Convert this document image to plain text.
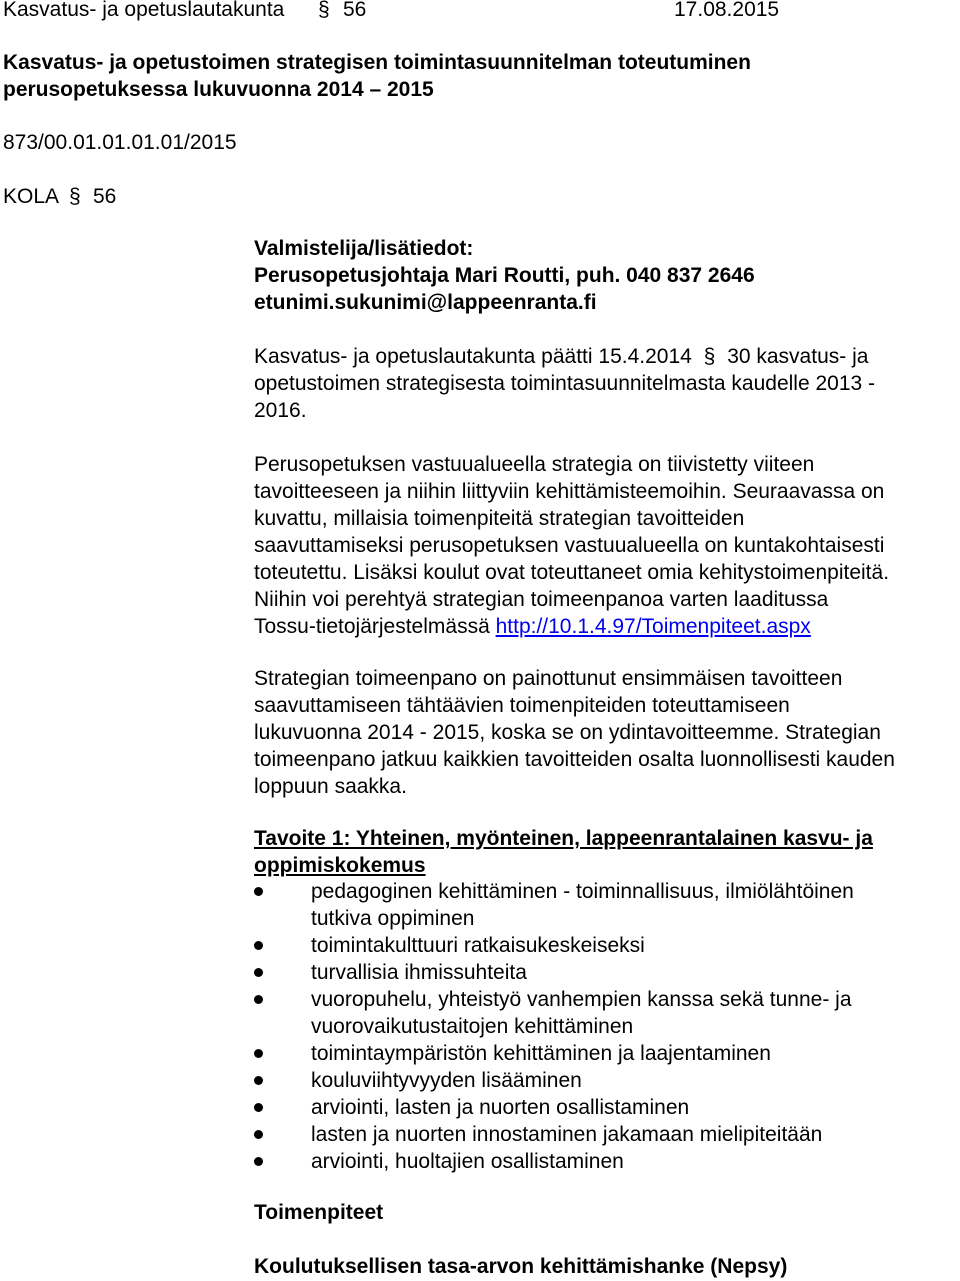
Kasvatus- ja opetuslautakunta § 56	17.08.2015
Kasvatus- ja opetustoimen strategisen toimintasuunnitelman toteutuminen
perusopetuksessa lukuvuonna 2014 – 2015
873/00.01.01.01.01/2015
KOLA § 56
Valmistelija/lisätiedot:
Perusopetusjohtaja Mari Routti, puh. 040 837 2646
etunimi.sukunimi@lappeenranta.fi
Kasvatus- ja opetuslautakunta päätti 15.4.2014 § 30 kasvatus- ja
opetustoimen strategisesta toimintasuunnitelmasta kaudelle 2013 -
2016.

Perusopetuksen vastuualueella strategia on tiivistetty viiteen

tavoitteeseen ja niihin liittyviin kehittämisteemoihin. Seuraavassa on

kuvattu, millaisia toimenpiteitä strategian tavoitteiden

saavuttamiseksi perusopetuksen vastuualueella on kuntakohtaisesti

toteutettu. Lisäksi koulut ovat toteuttaneet omia kehitystoimenpiteitä.

Niihin voi perehtyä strategian toimeenpanoa varten laaditussa

Tossu-tietojärjestelmässä http://10.1.4.97/Toimenpiteet.aspx

Strategian toimeenpano on painottunut ensimmäisen tavoitteen

saavuttamiseen tähtäävien toimenpiteiden toteuttamiseen

lukuvuonna 2014 - 2015, koska se on ydintavoitteemme. Strategian

toimeenpano jatkuu kaikkien tavoitteiden osalta luonnollisesti kauden

loppuun saakka.

Tavoite 1: Yhteinen, myönteinen, lappeenrantalainen kasvu- ja
oppimiskokemus
pedagoginen kehittäminen - toiminnallisuus, ilmiölähtöinen
tutkiva oppiminen
toimintakulttuuri ratkaisukeskeiseksi
turvallisia ihmissuhteita
vuoropuhelu, yhteistyö vanhempien kanssa sekä tunne- ja
vuorovaikutustaitojen kehittäminen
toimintaympäristön kehittäminen ja laajentaminen
kouluviihtyvyyden lisääminen
arviointi, lasten ja nuorten osallistaminen
lasten ja nuorten innostaminen jakamaan mielipiteitään
arviointi, huoltajien osallistaminen
Toimenpiteet
Koulutuksellisen tasa-arvon kehittämishanke (Nepsy)
